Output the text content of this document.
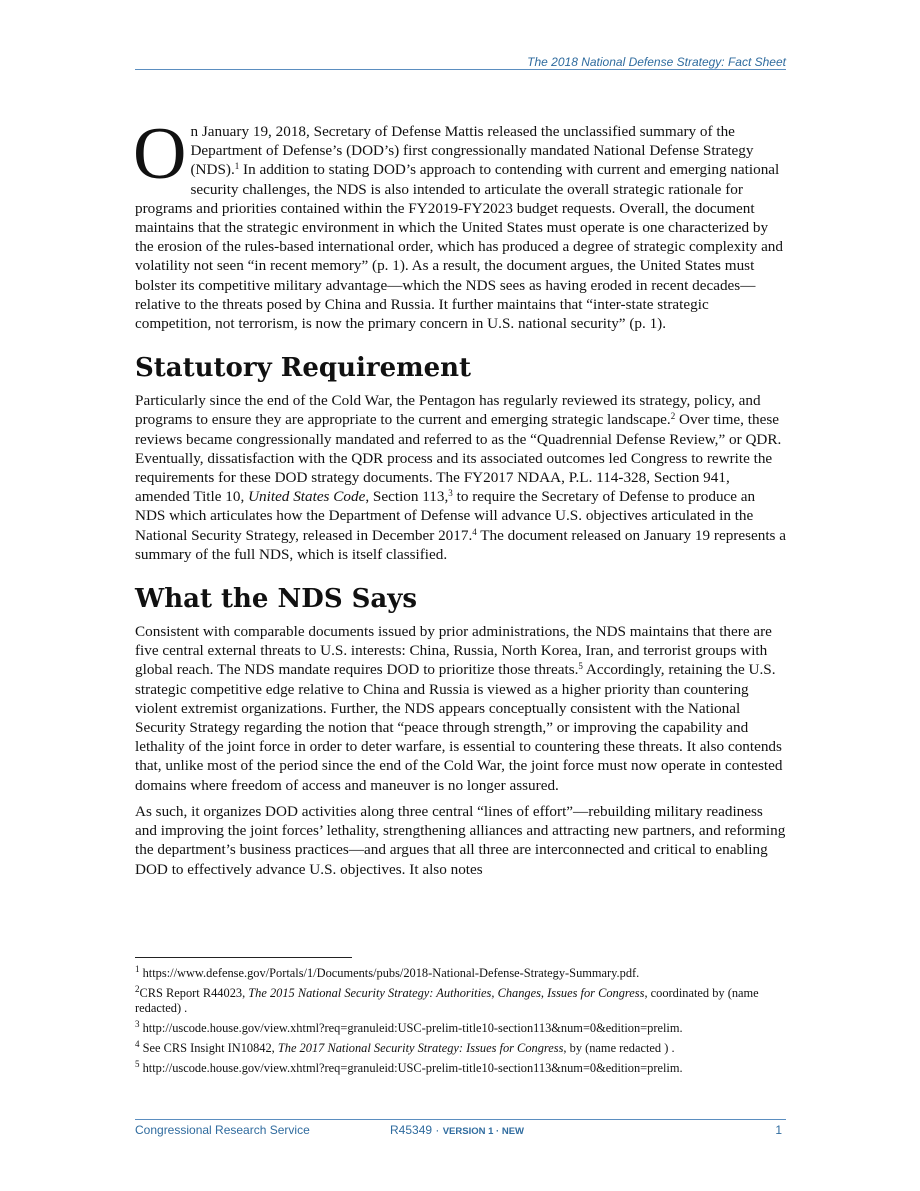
The 2018 National Defense Strategy: Fact Sheet

On January 19, 2018, Secretary of Defense Mattis released the unclassified summary of the Department of Defense’s (DOD’s) first congressionally mandated National Defense Strategy (NDS).$^1$ In addition to stating DOD’s approach to contending with current and emerging national security challenges, the NDS is also intended to articulate the overall strategic rationale for programs and priorities contained within the FY2019-FY2023 budget requests. Overall, the document maintains that the strategic environment in which the United States must operate is one characterized by the erosion of the rules-based international order, which has produced a degree of strategic complexity and volatility not seen “in recent memory” (p. 1). As a result, the document argues, the United States must bolster its competitive military advantage—which the NDS sees as having eroded in recent decades—relative to the threats posed by China and Russia. It further maintains that “inter-state strategic competition, not terrorism, is now the primary concern in U.S. national security” (p. 1).

Statutory Requirement

Particularly since the end of the Cold War, the Pentagon has regularly reviewed its strategy, policy, and programs to ensure they are appropriate to the current and emerging strategic landscape.$^2$ Over time, these reviews became congressionally mandated and referred to as the “Quadrennial Defense Review,” or QDR. Eventually, dissatisfaction with the QDR process and its associated outcomes led Congress to rewrite the requirements for these DOD strategy documents. The FY2017 NDAA, P.L. 114-328, Section 941, amended Title 10, United States Code, Section 113,$^3$ to require the Secretary of Defense to produce an NDS which articulates how the Department of Defense will advance U.S. objectives articulated in the National Security Strategy, released in December 2017.$^4$ The document released on January 19 represents a summary of the full NDS, which is itself classified.

What the NDS Says

Consistent with comparable documents issued by prior administrations, the NDS maintains that there are five central external threats to U.S. interests: China, Russia, North Korea, Iran, and terrorist groups with global reach. The NDS mandate requires DOD to prioritize those threats.$^5$ Accordingly, retaining the U.S. strategic competitive edge relative to China and Russia is viewed as a higher priority than countering violent extremist organizations. Further, the NDS appears conceptually consistent with the National Security Strategy regarding the notion that “peace through strength,” or improving the capability and lethality of the joint force in order to deter warfare, is essential to countering these threats. It also contends that, unlike most of the period since the end of the Cold War, the joint force must now operate in contested domains where freedom of access and maneuver is no longer assured.

As such, it organizes DOD activities along three central “lines of effort”—rebuilding military readiness and improving the joint forces’ lethality, strengthening alliances and attracting new partners, and reforming the department’s business practices—and argues that all three are interconnected and critical to enabling DOD to effectively advance U.S. objectives. It also notes

$^1$ https://www.defense.gov/Portals/1/Documents/pubs/2018-National-Defense-Strategy-Summary.pdf.
$^2$CRS Report R44023, The 2015 National Security Strategy: Authorities, Changes, Issues for Congress, coordinated by (name redacted) .
$^3$ http://uscode.house.gov/view.xhtml?req=granuleid:USC-prelim-title10-section113&num=0&edition=prelim.
$^4$ See CRS Insight IN10842, The 2017 National Security Strategy: Issues for Congress, by (name redacted ) .
$^5$ http://uscode.house.gov/view.xhtml?req=granuleid:USC-prelim-title10-section113&num=0&edition=prelim.
Congressional Research Service	R45349 · VERSION 1 · NEW	1
